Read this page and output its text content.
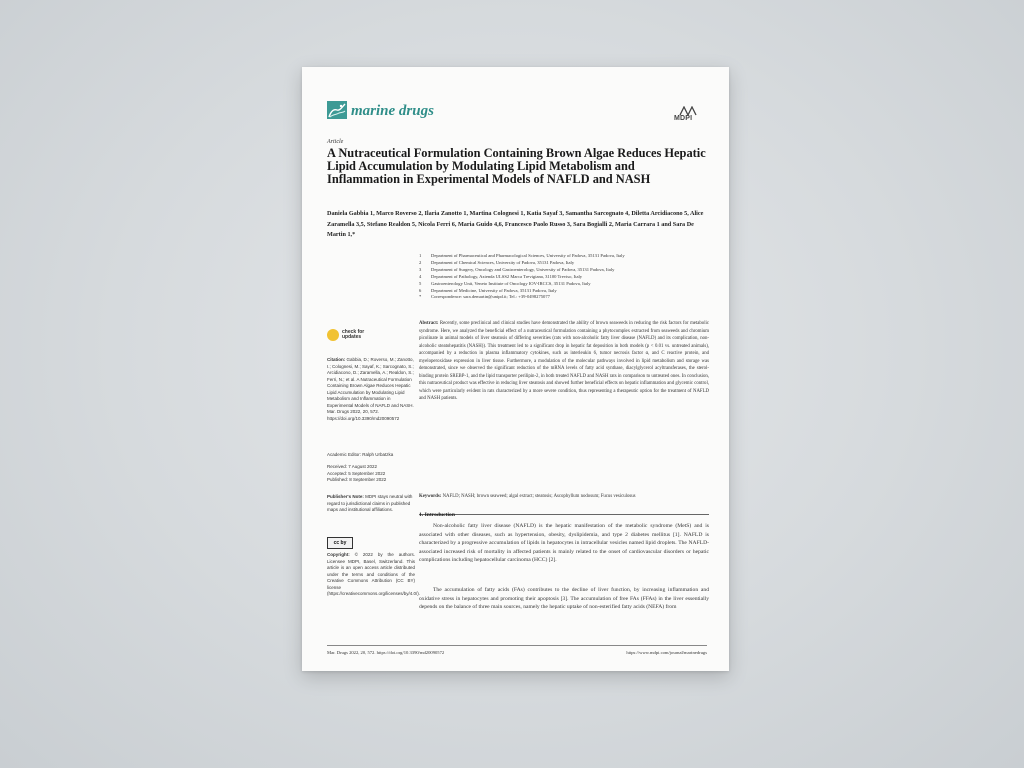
marine drugs	MDPI
Article
A Nutraceutical Formulation Containing Brown Algae Reduces Hepatic Lipid Accumulation by Modulating Lipid Metabolism and Inflammation in Experimental Models of NAFLD and NASH

Daniela Gabbia 1, Marco Roverso 2, Ilaria Zanotto 1, Martina Colognesi 1, Katia Sayaf 3, Samantha Sarcognato 4, Diletta Arcidiacono 5, Alice Zaramella 3,5, Stefano Realdon 5, Nicola Ferri 6, Maria Guido 4,6, Francesco Paolo Russo 3, Sara Bogialli 2, Maria Carrara 1 and Sara De Martin 1,*

1 Department of Pharmaceutical and Pharmacological Sciences, University of Padova, 35131 Padova, Italy
2 Department of Chemical Sciences, University of Padova, 35131 Padova, Italy
3 Department of Surgery, Oncology and Gastroenterology, University of Padova, 35131 Padova, Italy
4 Department of Pathology, Azienda ULSS2 Marca Trevigiana, 31100 Treviso, Italy
5 Gastroenterology Unit, Veneto Institute of Oncology IOV-IRCCS, 35131 Padova, Italy
6 Department of Medicine, University of Padova, 35131 Padova, Italy
* Correspondence: sara.demartin@unipd.it; Tel.: +39-0498275077
check for updates

Citation: Gabbia, D.; Roverso, M.; Zanotto, I.; Colognesi, M.; Sayaf, K.; Sarcognato, S.; Arcidiacono, D.; Zaramella, A.; Realdon, S.; Ferri, N.; et al. A Nutraceutical Formulation Containing Brown Algae Reduces Hepatic Lipid Accumulation by Modulating Lipid Metabolism and Inflammation in Experimental Models of NAFLD and NASH. Mar. Drugs 2022, 20, 572. https://doi.org/10.3390/md20090572

Academic Editor: Ralph Urbatzka

Received: 7 August 2022
Accepted: 5 September 2022
Published: 8 September 2022

Publisher's Note: MDPI stays neutral with regard to jurisdictional claims in published maps and institutional affiliations.

cc by

Copyright: © 2022 by the authors. Licensee MDPI, Basel, Switzerland. This article is an open access article distributed under the terms and conditions of the Creative Commons Attribution (CC BY) license (https://creativecommons.org/licenses/by/4.0/).

Abstract: Recently, some preclinical and clinical studies have demonstrated the ability of brown seaweeds in reducing the risk factors for metabolic syndrome. Here, we analyzed the beneficial effect of a nutraceutical formulation containing a phytocomplex extracted from seaweeds and chromium picolinate in animal models of liver steatosis of differing severities (rats with non-alcoholic fatty liver disease (NAFLD) and its complication, non-alcoholic steatohepatitis (NASH)). This treatment led to a significant drop in hepatic fat deposition in both models (p < 0.01 vs. untreated animals), accompanied by a reduction in plasma inflammatory cytokines, such as interleukin 6, tumor necrosis factor α, and C reactive protein, and myeloperoxidase expression in liver tissue. Furthermore, a modulation of the molecular pathways involved in lipid metabolism and storage was demonstrated, since we observed the significant reduction of the mRNA levels of fatty acid synthase, diacylglycerol acyltransferases, the sterol-binding protein SREBP-1, and the lipid transporter perilipin-2, in both treated NAFLD and NASH rats in comparison to untreated ones. In conclusion, this nutraceutical product was effective in reducing liver steatosis and showed further beneficial effects on hepatic inflammation and glycemic control, which were particularly evident in rats characterized by a more severe condition, thus representing a therapeutic option for the treatment of NAFLD and NASH patients.

Keywords: NAFLD; NASH; brown seaweed; algal extract; steatosis; Ascophyllum nodosum; Fucus vesiculosus

1. Introduction

Non-alcoholic fatty liver disease (NAFLD) is the hepatic manifestation of the metabolic syndrome (MetS) and is associated with other diseases, such as hypertension, obesity, dyslipidemia, and type 2 diabetes mellitus [1]. NAFLD is characterized by a progressive accumulation of lipids in hepatocytes in intracellular vesicles named lipid droplets. The NAFLD-associated increased risk of mortality in affected patients is mainly related to the onset of cardiovascular disorders or hepatic complications including hepatocellular carcinoma (HCC) [2].

The accumulation of fatty acids (FAs) contributes to the decline of liver function, by increasing inflammation and oxidative stress in hepatocytes and promoting their apoptosis [3]. The accumulation of free FAs (FFAs) in the liver essentially depends on the balance of three main sources, namely the hepatic uptake of non-esterified fatty acids (NEFA) from

Mar. Drugs 2022, 20, 572. https://doi.org/10.3390/md20090572	https://www.mdpi.com/journal/marinedrugs
